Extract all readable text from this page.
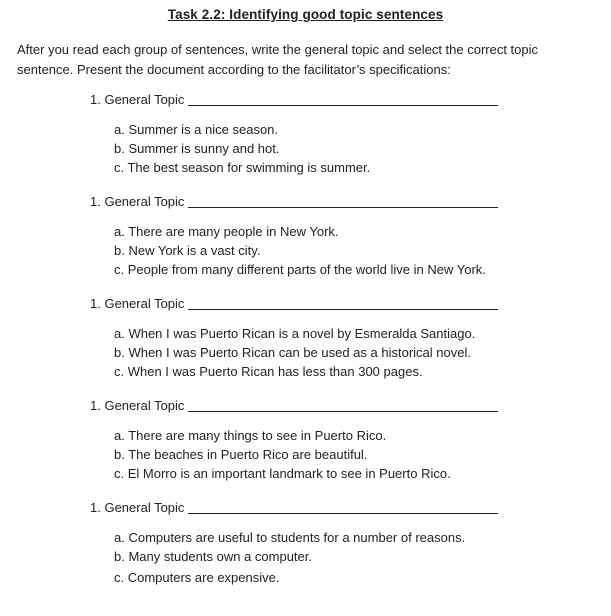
Task 2.2: Identifying good topic sentences
After you read each group of sentences, write the general topic and select the correct topic sentence. Present the document according to the facilitator’s specifications:
1. General Topic
a. Summer is a nice season.
b. Summer is sunny and hot.
c. The best season for swimming is summer.
1. General Topic
a. There are many people in New York.
b. New York is a vast city.
c. People from many different parts of the world live in New York.
1. General Topic
a. When I was Puerto Rican is a novel by Esmeralda Santiago.
b. When I was Puerto Rican can be used as a historical novel.
c. When I was Puerto Rican has less than 300 pages.
1. General Topic
a. There are many things to see in Puerto Rico.
b. The beaches in Puerto Rico are beautiful.
c. El Morro is an important landmark to see in Puerto Rico.
1. General Topic
a. Computers are useful to students for a number of reasons.
b. Many students own a computer.
c. Computers are expensive.
